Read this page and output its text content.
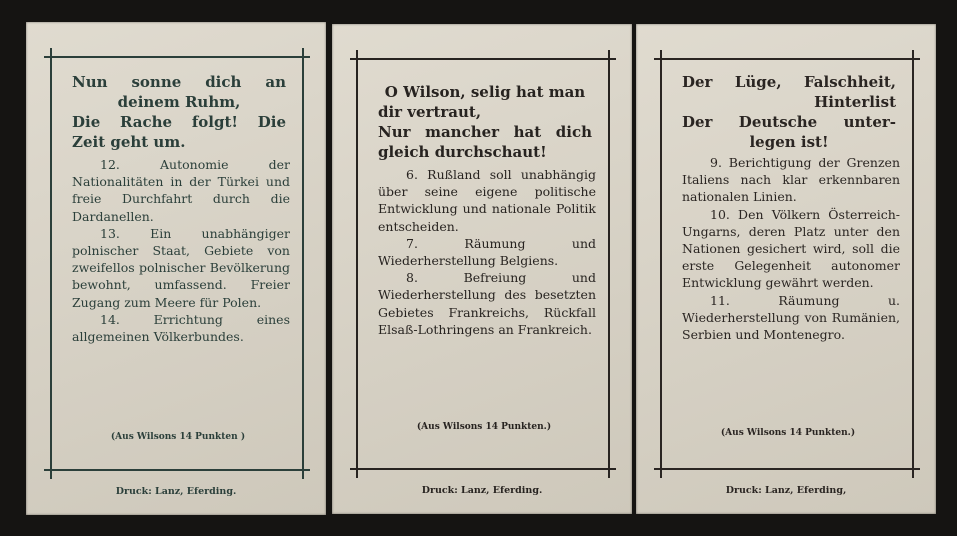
Nun sonne dich an
deinem Ruhm,
Die Rache folgt! Die
Zeit geht um.

12. Autonomie der Nationalitäten in der Türkei und freie Durchfahrt durch die Dardanellen.

13. Ein unabhängiger polnischer Staat, Gebiete von zweifellos polnischer Bevölkerung bewohnt, umfassend. Freier Zugang zum Meere für Polen.

14. Errichtung eines allgemeinen Völkerbundes.

(Aus Wilsons 14 Punkten )
Druck: Lanz, Eferding.
O Wilson, selig hat man
dir vertraut,
Nur mancher hat dich
gleich durchschaut!

6. Rußland soll unabhängig über seine eigene politische Entwicklung und nationale Politik entscheiden.

7. Räumung und Wiederherstellung Belgiens.

8. Befreiung und Wiederherstellung des besetzten Gebietes Frankreichs, Rückfall Elsaß-Lothringens an Frankreich.

(Aus Wilsons 14 Punkten.)
Druck: Lanz, Eferding.
Der Lüge, Falschheit,
Hinterlist
Der Deutsche unter-
legen ist!

9. Berichtigung der Grenzen Italiens nach klar erkennbaren nationalen Linien.

10. Den Völkern Österreich-Ungarns, deren Platz unter den Nationen gesichert wird, soll die erste Gelegenheit autonomer Entwicklung gewährt werden.

11. Räumung u. Wiederherstellung von Rumänien, Serbien und Montenegro.

(Aus Wilsons 14 Punkten.)
Druck: Lanz, Eferding,
